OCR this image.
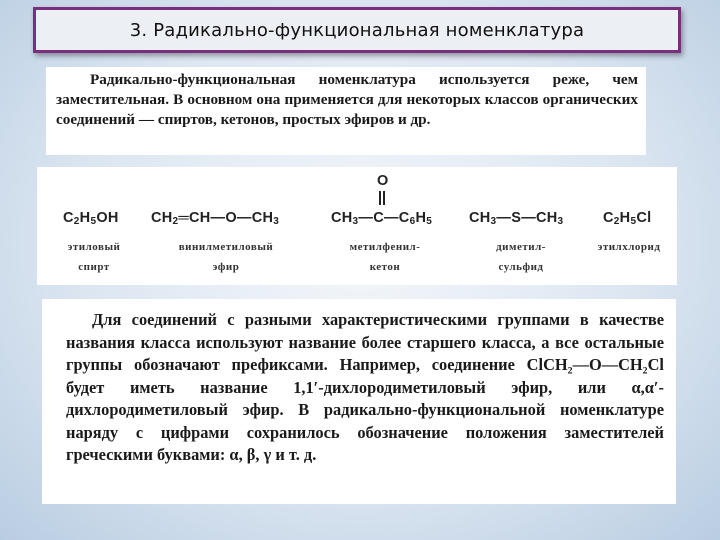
3. Радикально-функциональная номенклатура
Радикально-функциональная номенклатура используется реже, чем заместительная. В основном она применяется для некоторых классов органических соединений — спиртов, кетонов, простых эфиров и др.
$C_2H_5OH$
этиловый
спирт
$CH_2═CH—O—CH_3$
винилметиловый
эфир
O
$CH_3—C—C_6H_5$
метилфенил-
кетон
$CH_3—S—CH_3$
диметил-
сульфид
$C_2H_5Cl$
этилхлорид
Для соединений с разными характеристическими группами в качестве названия класса используют название более старшего класса, а все остальные группы обозначают префиксами. Например, соединение ClCH₂—O—CH₂Cl будет иметь название 1,1′-дихлородиметиловый эфир, или α,α′-дихлородиметиловый эфир. В радикально-функциональной номенклатуре наряду с цифрами сохранилось обозначение положения заместителей греческими буквами: α, β, γ и т. д.
